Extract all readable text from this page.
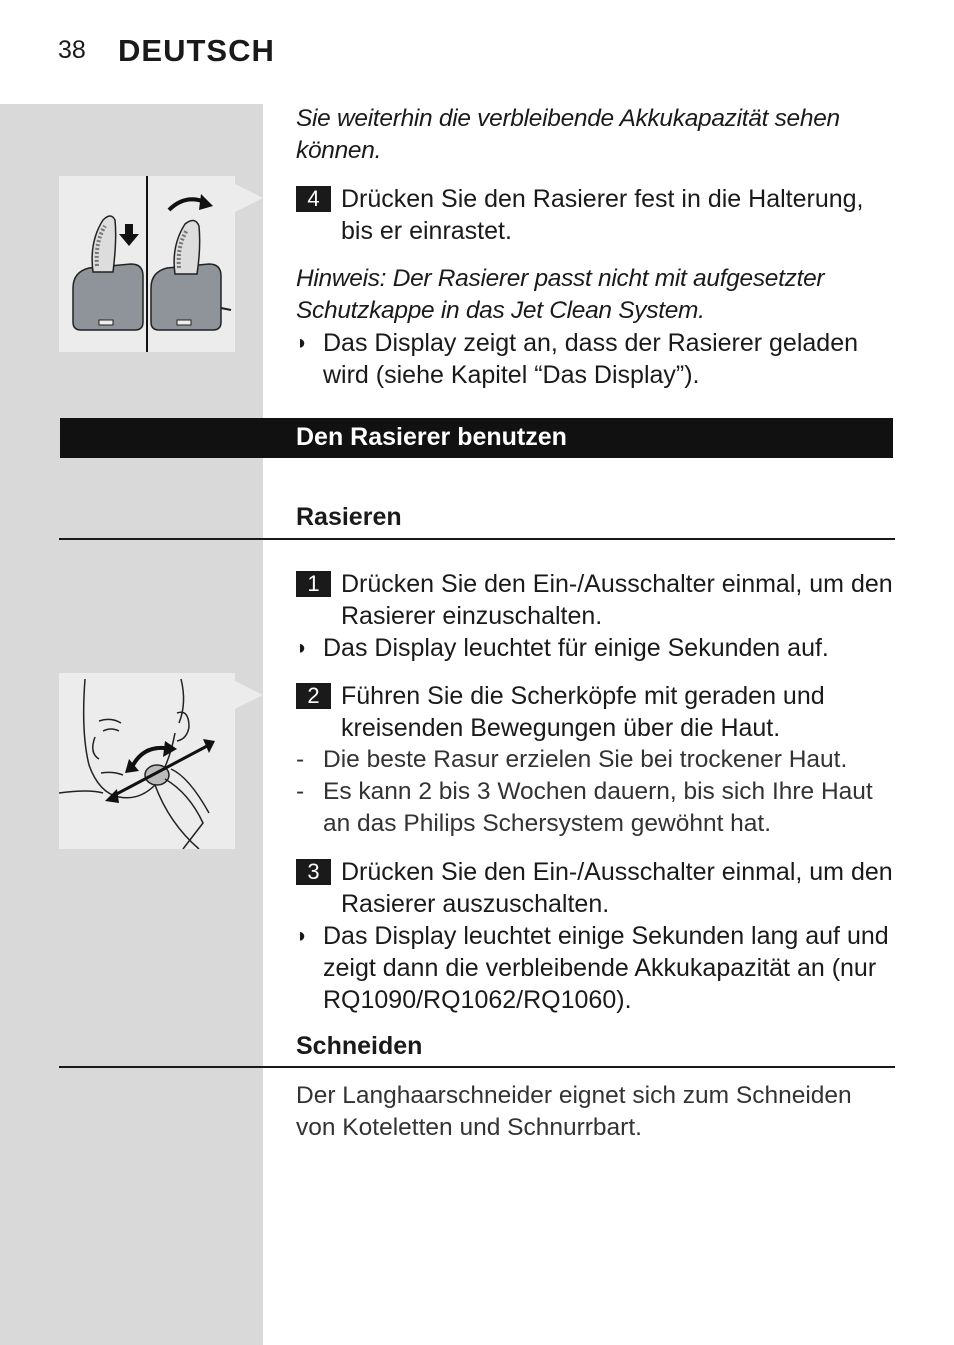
38 DEUTSCH
Sie weiterhin die verbleibende Akkukapazität sehen können.
4 Drücken Sie den Rasierer fest in die Halterung, bis er einrastet.
Hinweis: Der Rasierer passt nicht mit aufgesetzter Schutzkappe in das Jet Clean System.
◗ Das Display zeigt an, dass der Rasierer geladen wird (siehe Kapitel “Das Display”).
Den Rasierer benutzen
Rasieren
1 Drücken Sie den Ein-/Ausschalter einmal, um den Rasierer einzuschalten.
◗ Das Display leuchtet für einige Sekunden auf.
2 Führen Sie die Scherköpfe mit geraden und kreisenden Bewegungen über die Haut.
- Die beste Rasur erzielen Sie bei trockener Haut.
- Es kann 2 bis 3 Wochen dauern, bis sich Ihre Haut an das Philips Schersystem gewöhnt hat.
3 Drücken Sie den Ein-/Ausschalter einmal, um den Rasierer auszuschalten.
◗ Das Display leuchtet einige Sekunden lang auf und zeigt dann die verbleibende Akkukapazität an (nur RQ1090/RQ1062/RQ1060).
Schneiden
Der Langhaarschneider eignet sich zum Schneiden von Koteletten und Schnurrbart.
